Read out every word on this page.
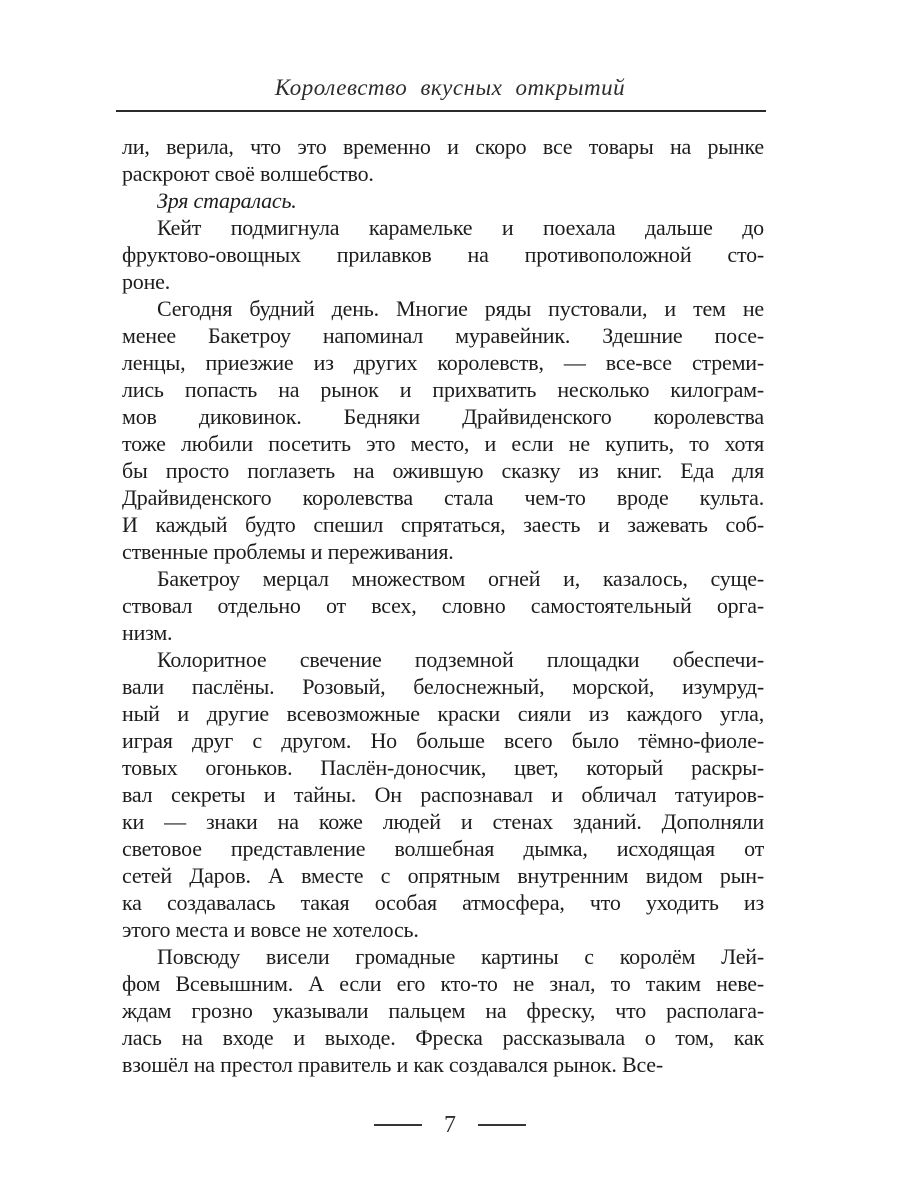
Королевство вкусных открытий
ли, верила, что это временно и скоро все товары на рынке
раскроют своё волшебство.
Зря старалась.
Кейт подмигнула карамельке и поехала дальше до
фруктово-овощных прилавков на противоположной сто-
роне.
Сегодня будний день. Многие ряды пустовали, и тем не
менее Бакетроу напоминал муравейник. Здешние посе-
ленцы, приезжие из других королевств, — все-все стреми-
лись попасть на рынок и прихватить несколько килограм-
мов диковинок. Бедняки Драйвиденского королевства
тоже любили посетить это место, и если не купить, то хотя
бы просто поглазеть на ожившую сказку из книг. Еда для
Драйвиденского королевства стала чем-то вроде культа.
И каждый будто спешил спрятаться, заесть и зажевать соб-
ственные проблемы и переживания.
Бакетроу мерцал множеством огней и, казалось, суще-
ствовал отдельно от всех, словно самостоятельный орга-
низм.
Колоритное свечение подземной площадки обеспечи-
вали паслёны. Розовый, белоснежный, морской, изумруд-
ный и другие всевозможные краски сияли из каждого угла,
играя друг с другом. Но больше всего было тёмно-фиоле-
товых огоньков. Паслён-доносчик, цвет, который раскры-
вал секреты и тайны. Он распознавал и обличал татуиров-
ки — знаки на коже людей и стенах зданий. Дополняли
световое представление волшебная дымка, исходящая от
сетей Даров. А вместе с опрятным внутренним видом рын-
ка создавалась такая особая атмосфера, что уходить из
этого места и вовсе не хотелось.
Повсюду висели громадные картины с королём Лей-
фом Всевышним. А если его кто-то не знал, то таким неве-
ждам грозно указывали пальцем на фреску, что располага-
лась на входе и выходе. Фреска рассказывала о том, как
взошёл на престол правитель и как создавался рынок. Все-
7
